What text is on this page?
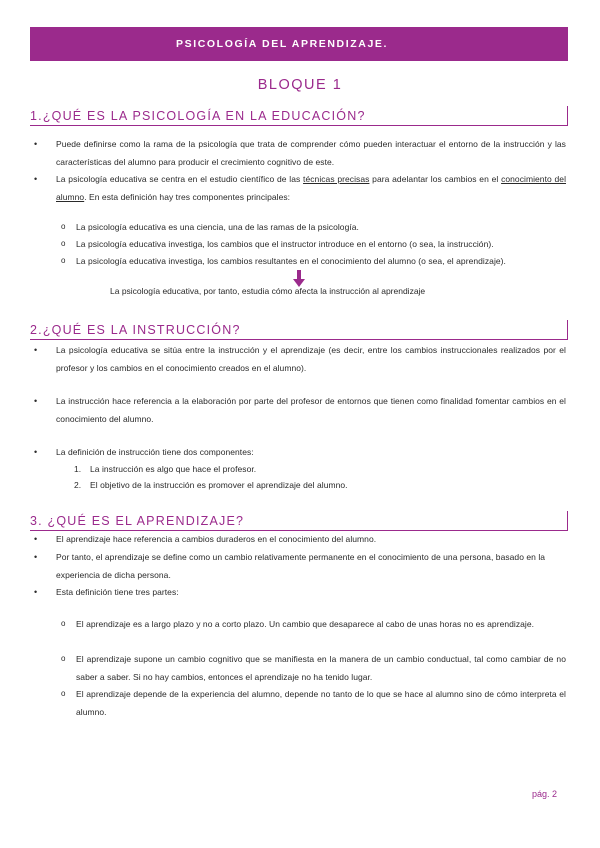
PSICOLOGÍA DEL APRENDIZAJE.
BLOQUE 1
1.¿QUÉ ES LA PSICOLOGÍA EN LA EDUCACIÓN?
• Puede definirse como la rama de la psicología que trata de comprender cómo pueden interactuar el entorno de la instrucción y las características del alumno para producir el crecimiento cognitivo de este.
• La psicología educativa se centra en el estudio científico de las técnicas precisas para adelantar los cambios en el conocimiento del alumno. En esta definición hay tres componentes principales:
o La psicología educativa es una ciencia, una de las ramas de la psicología.
o La psicología educativa investiga, los cambios que el instructor introduce en el entorno (o sea, la instrucción).
o La psicología educativa investiga, los cambios resultantes en el conocimiento del alumno (o sea, el aprendizaje).
La psicología educativa, por tanto, estudia cómo afecta la instrucción al aprendizaje
2.¿QUÉ ES LA INSTRUCCIÓN?
• La psicología educativa se sitúa entre la instrucción y el aprendizaje (es decir, entre los cambios instruccionales realizados por el profesor y los cambios en el conocimiento creados en el alumno).
• La instrucción hace referencia a la elaboración por parte del profesor de entornos que tienen como finalidad fomentar cambios en el conocimiento del alumno.
• La definición de instrucción tiene dos componentes:
1. La instrucción es algo que hace el profesor.
2. El objetivo de la instrucción es promover el aprendizaje del alumno.
3. ¿QUÉ ES EL APRENDIZAJE?
• El aprendizaje hace referencia a cambios duraderos en el conocimiento del alumno.
• Por tanto, el aprendizaje se define como un cambio relativamente permanente en el conocimiento de una persona, basado en la experiencia de dicha persona.
• Esta definición tiene tres partes:
o El aprendizaje es a largo plazo y no a corto plazo. Un cambio que desaparece al cabo de unas horas no es aprendizaje.
o El aprendizaje supone un cambio cognitivo que se manifiesta en la manera de un cambio conductual, tal como cambiar de no saber a saber. Si no hay cambios, entonces el aprendizaje no ha tenido lugar.
o El aprendizaje depende de la experiencia del alumno, depende no tanto de lo que se hace al alumno sino de cómo interpreta el alumno.
pág. 2
